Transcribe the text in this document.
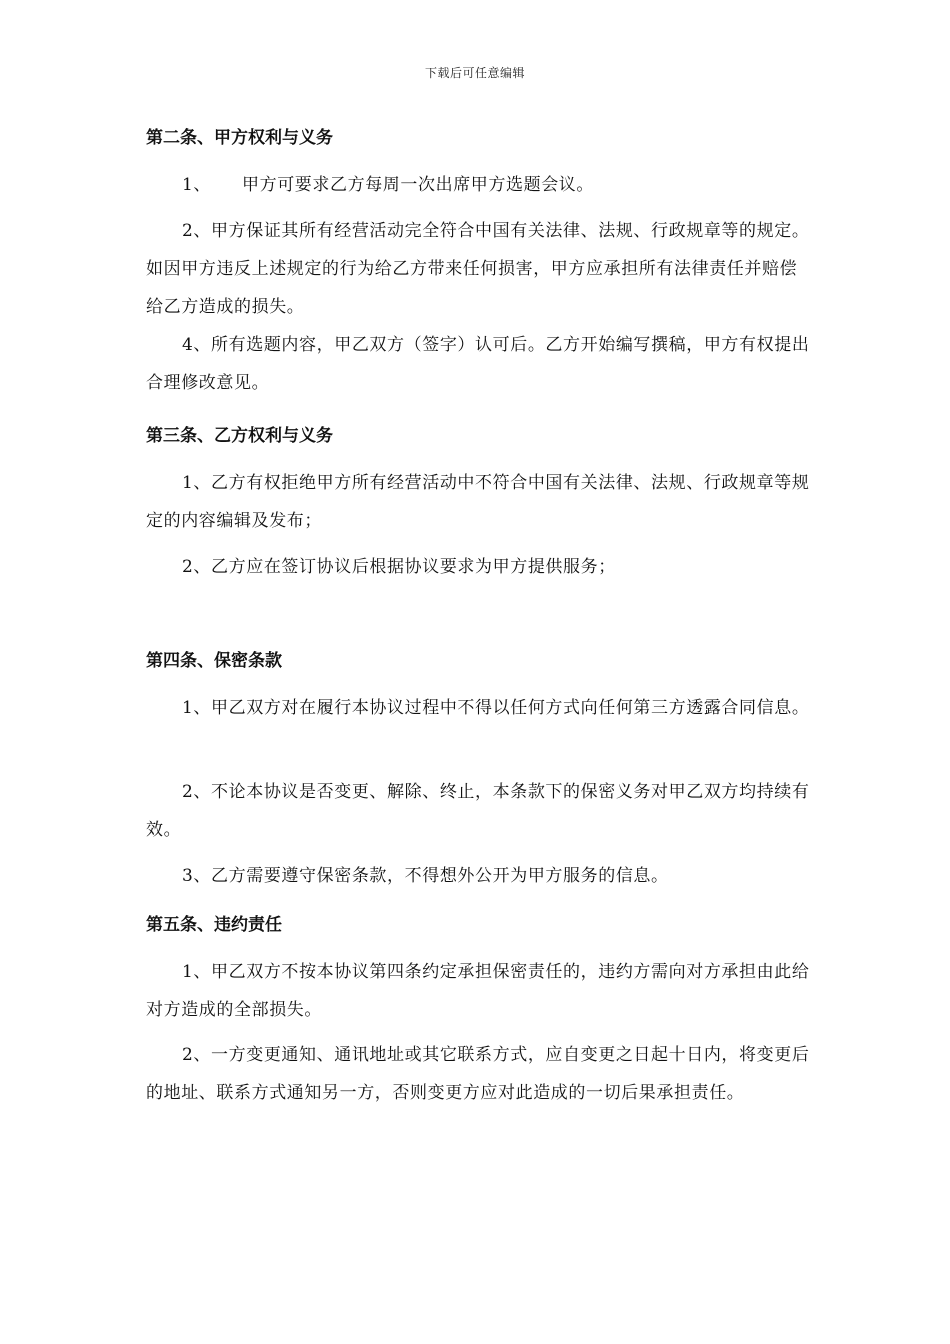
下载后可任意编辑
第二条、甲方权利与义务
1、 甲方可要求乙方每周一次出席甲方选题会议。
2、甲方保证其所有经营活动完全符合中国有关法律、法规、行政规章等的规定。如因甲方违反上述规定的行为给乙方带来任何损害，甲方应承担所有法律责任并赔偿给乙方造成的损失。
4、所有选题内容，甲乙双方（签字）认可后。乙方开始编写撰稿，甲方有权提出合理修改意见。
第三条、乙方权利与义务
1、乙方有权拒绝甲方所有经营活动中不符合中国有关法律、法规、行政规章等规定的内容编辑及发布；
2、乙方应在签订协议后根据协议要求为甲方提供服务；
第四条、保密条款
1、甲乙双方对在履行本协议过程中不得以任何方式向任何第三方透露合同信息。
2、不论本协议是否变更、解除、终止，本条款下的保密义务对甲乙双方均持续有效。
3、乙方需要遵守保密条款，不得想外公开为甲方服务的信息。
第五条、违约责任
1、甲乙双方不按本协议第四条约定承担保密责任的，违约方需向对方承担由此给对方造成的全部损失。
2、一方变更通知、通讯地址或其它联系方式，应自变更之日起十日内，将变更后的地址、联系方式通知另一方，否则变更方应对此造成的一切后果承担责任。
